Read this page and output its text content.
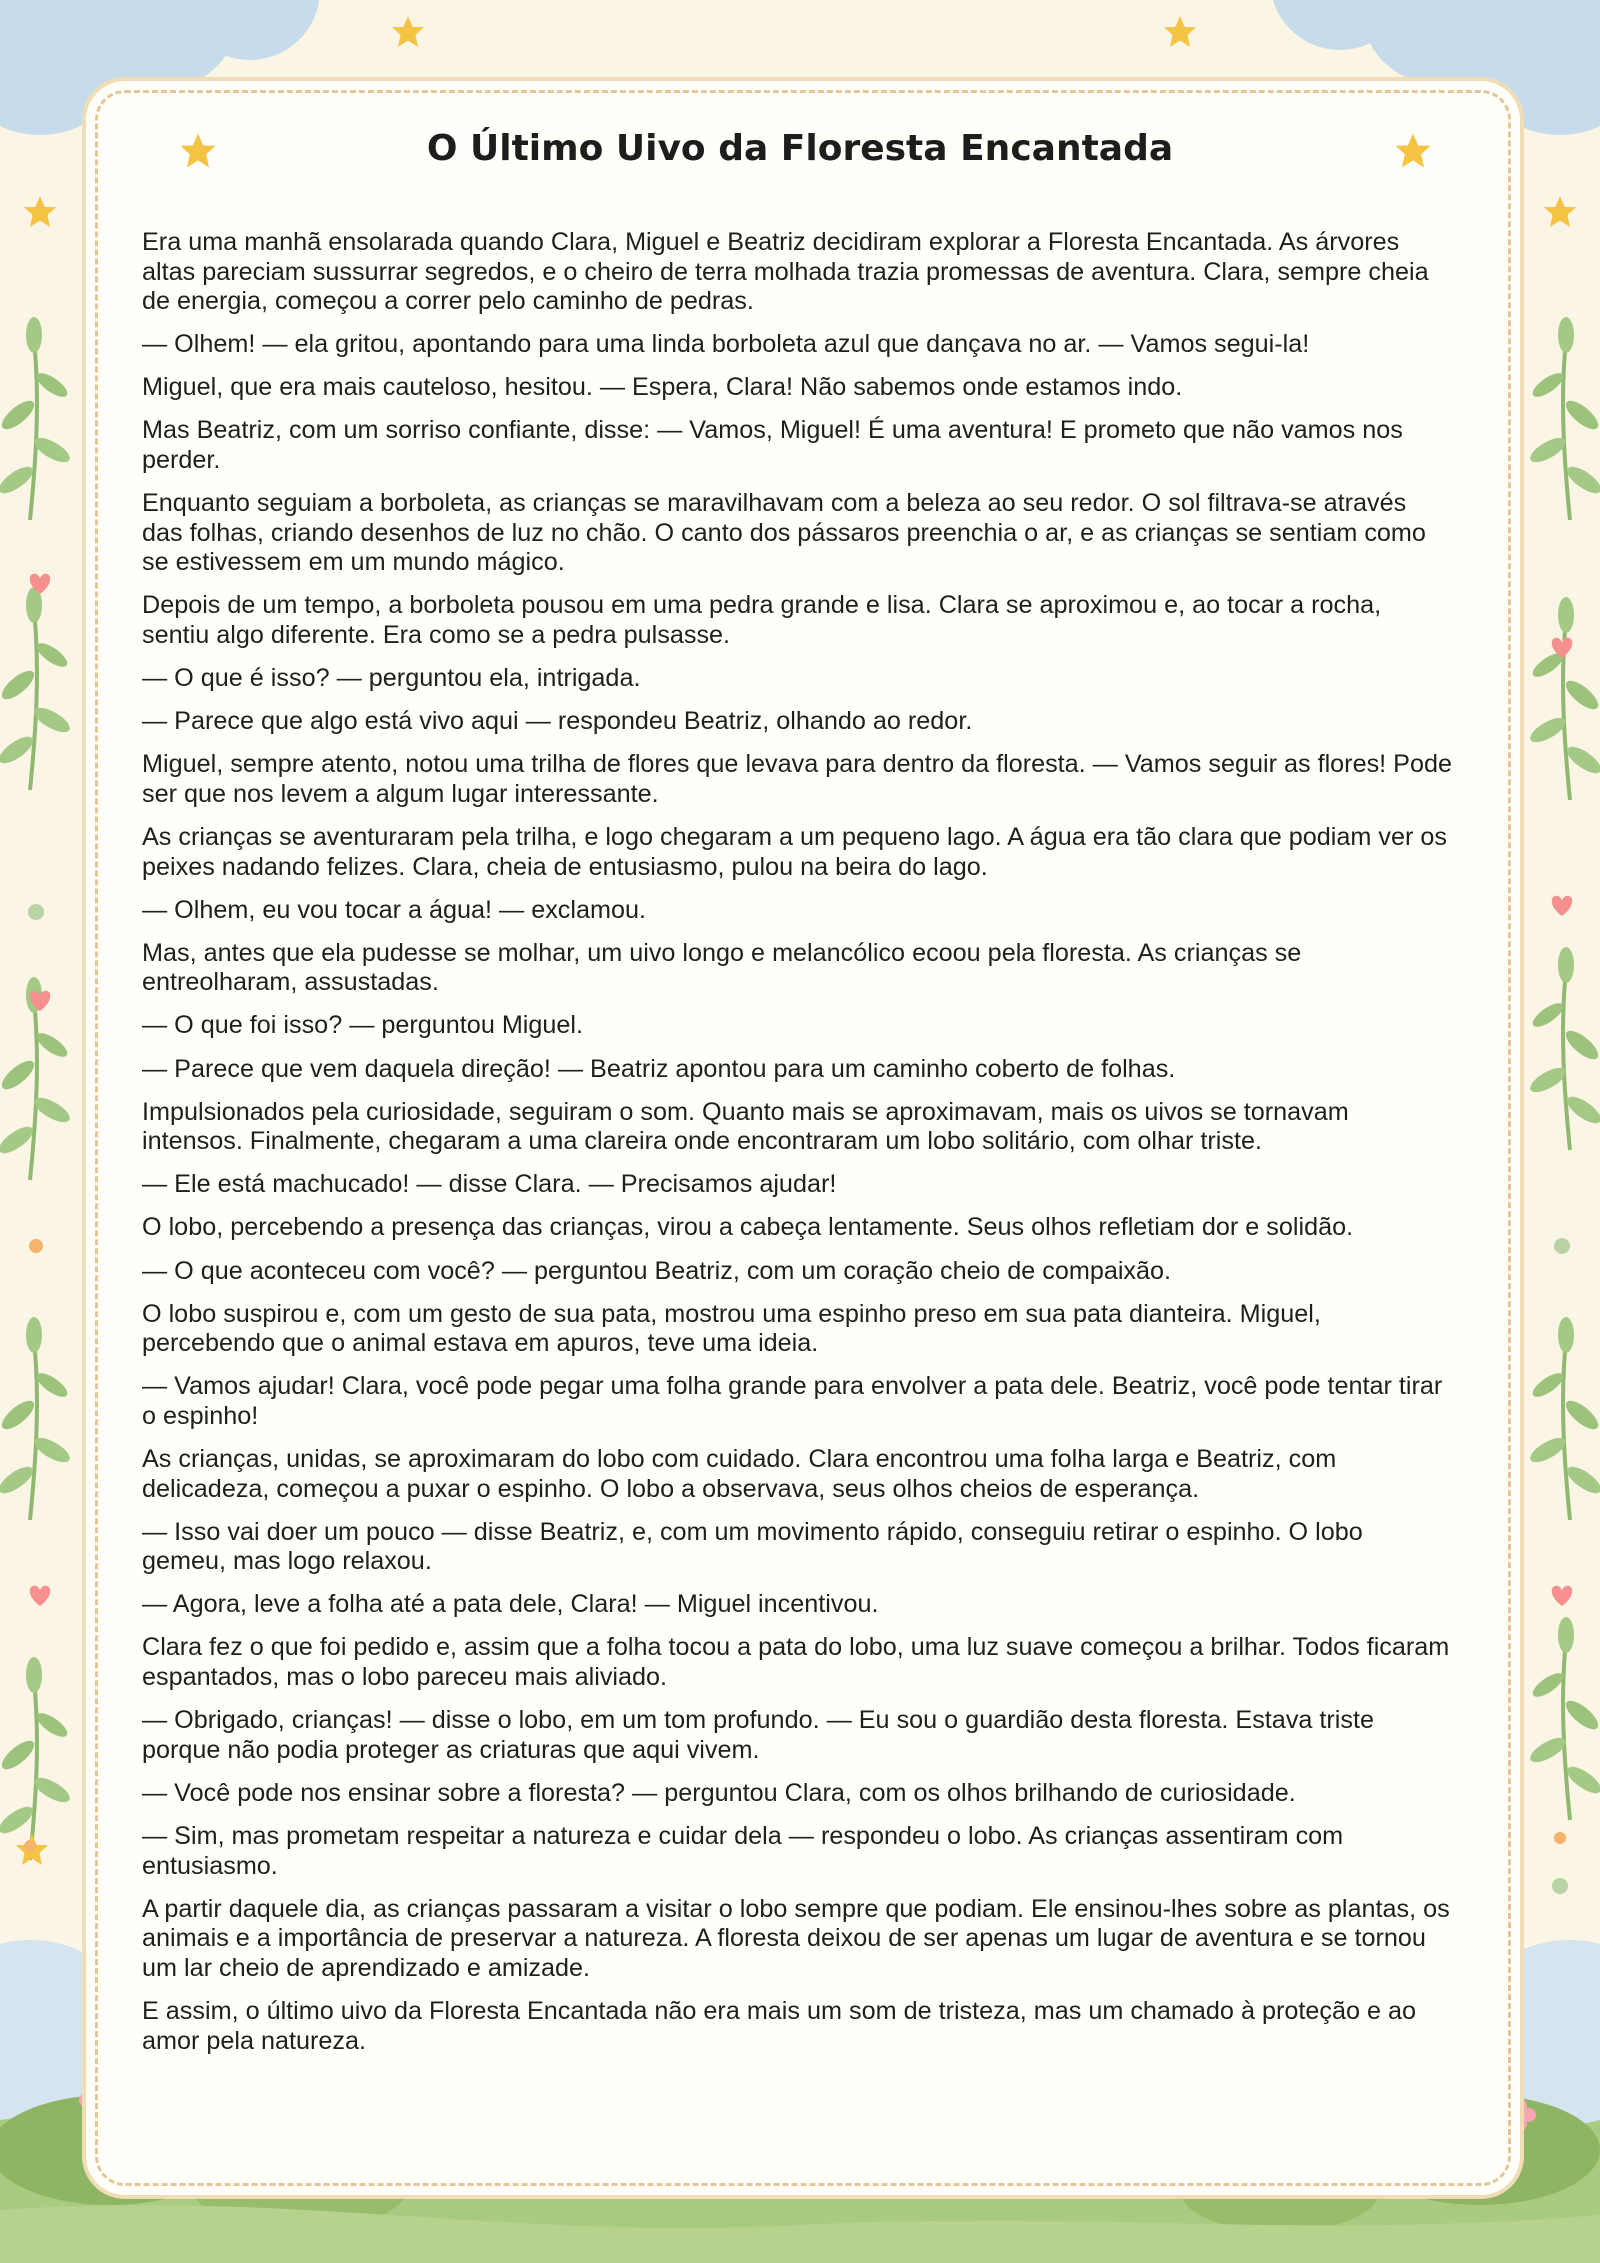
O Último Uivo da Floresta Encantada

Era uma manhã ensolarada quando Clara, Miguel e Beatriz decidiram explorar a Floresta Encantada. As árvores altas pareciam sussurrar segredos, e o cheiro de terra molhada trazia promessas de aventura. Clara, sempre cheia de energia, começou a correr pelo caminho de pedras.

— Olhem! — ela gritou, apontando para uma linda borboleta azul que dançava no ar. — Vamos segui-la!

Miguel, que era mais cauteloso, hesitou. — Espera, Clara! Não sabemos onde estamos indo.

Mas Beatriz, com um sorriso confiante, disse: — Vamos, Miguel! É uma aventura! E prometo que não vamos nos perder.

Enquanto seguiam a borboleta, as crianças se maravilhavam com a beleza ao seu redor. O sol filtrava-se através das folhas, criando desenhos de luz no chão. O canto dos pássaros preenchia o ar, e as crianças se sentiam como se estivessem em um mundo mágico.

Depois de um tempo, a borboleta pousou em uma pedra grande e lisa. Clara se aproximou e, ao tocar a rocha, sentiu algo diferente. Era como se a pedra pulsasse.

— O que é isso? — perguntou ela, intrigada.

— Parece que algo está vivo aqui — respondeu Beatriz, olhando ao redor.

Miguel, sempre atento, notou uma trilha de flores que levava para dentro da floresta. — Vamos seguir as flores! Pode ser que nos levem a algum lugar interessante.

As crianças se aventuraram pela trilha, e logo chegaram a um pequeno lago. A água era tão clara que podiam ver os peixes nadando felizes. Clara, cheia de entusiasmo, pulou na beira do lago.

— Olhem, eu vou tocar a água! — exclamou.

Mas, antes que ela pudesse se molhar, um uivo longo e melancólico ecoou pela floresta. As crianças se entreolharam, assustadas.

— O que foi isso? — perguntou Miguel.

— Parece que vem daquela direção! — Beatriz apontou para um caminho coberto de folhas.

Impulsionados pela curiosidade, seguiram o som. Quanto mais se aproximavam, mais os uivos se tornavam intensos. Finalmente, chegaram a uma clareira onde encontraram um lobo solitário, com olhar triste.

— Ele está machucado! — disse Clara. — Precisamos ajudar!

O lobo, percebendo a presença das crianças, virou a cabeça lentamente. Seus olhos refletiam dor e solidão.

— O que aconteceu com você? — perguntou Beatriz, com um coração cheio de compaixão.

O lobo suspirou e, com um gesto de sua pata, mostrou uma espinho preso em sua pata dianteira. Miguel, percebendo que o animal estava em apuros, teve uma ideia.

— Vamos ajudar! Clara, você pode pegar uma folha grande para envolver a pata dele. Beatriz, você pode tentar tirar o espinho!

As crianças, unidas, se aproximaram do lobo com cuidado. Clara encontrou uma folha larga e Beatriz, com delicadeza, começou a puxar o espinho. O lobo a observava, seus olhos cheios de esperança.

— Isso vai doer um pouco — disse Beatriz, e, com um movimento rápido, conseguiu retirar o espinho. O lobo gemeu, mas logo relaxou.

— Agora, leve a folha até a pata dele, Clara! — Miguel incentivou.

Clara fez o que foi pedido e, assim que a folha tocou a pata do lobo, uma luz suave começou a brilhar. Todos ficaram espantados, mas o lobo pareceu mais aliviado.

— Obrigado, crianças! — disse o lobo, em um tom profundo. — Eu sou o guardião desta floresta. Estava triste porque não podia proteger as criaturas que aqui vivem.

— Você pode nos ensinar sobre a floresta? — perguntou Clara, com os olhos brilhando de curiosidade.

— Sim, mas prometam respeitar a natureza e cuidar dela — respondeu o lobo. As crianças assentiram com entusiasmo.

A partir daquele dia, as crianças passaram a visitar o lobo sempre que podiam. Ele ensinou-lhes sobre as plantas, os animais e a importância de preservar a natureza. A floresta deixou de ser apenas um lugar de aventura e se tornou um lar cheio de aprendizado e amizade.

E assim, o último uivo da Floresta Encantada não era mais um som de tristeza, mas um chamado à proteção e ao amor pela natureza.
